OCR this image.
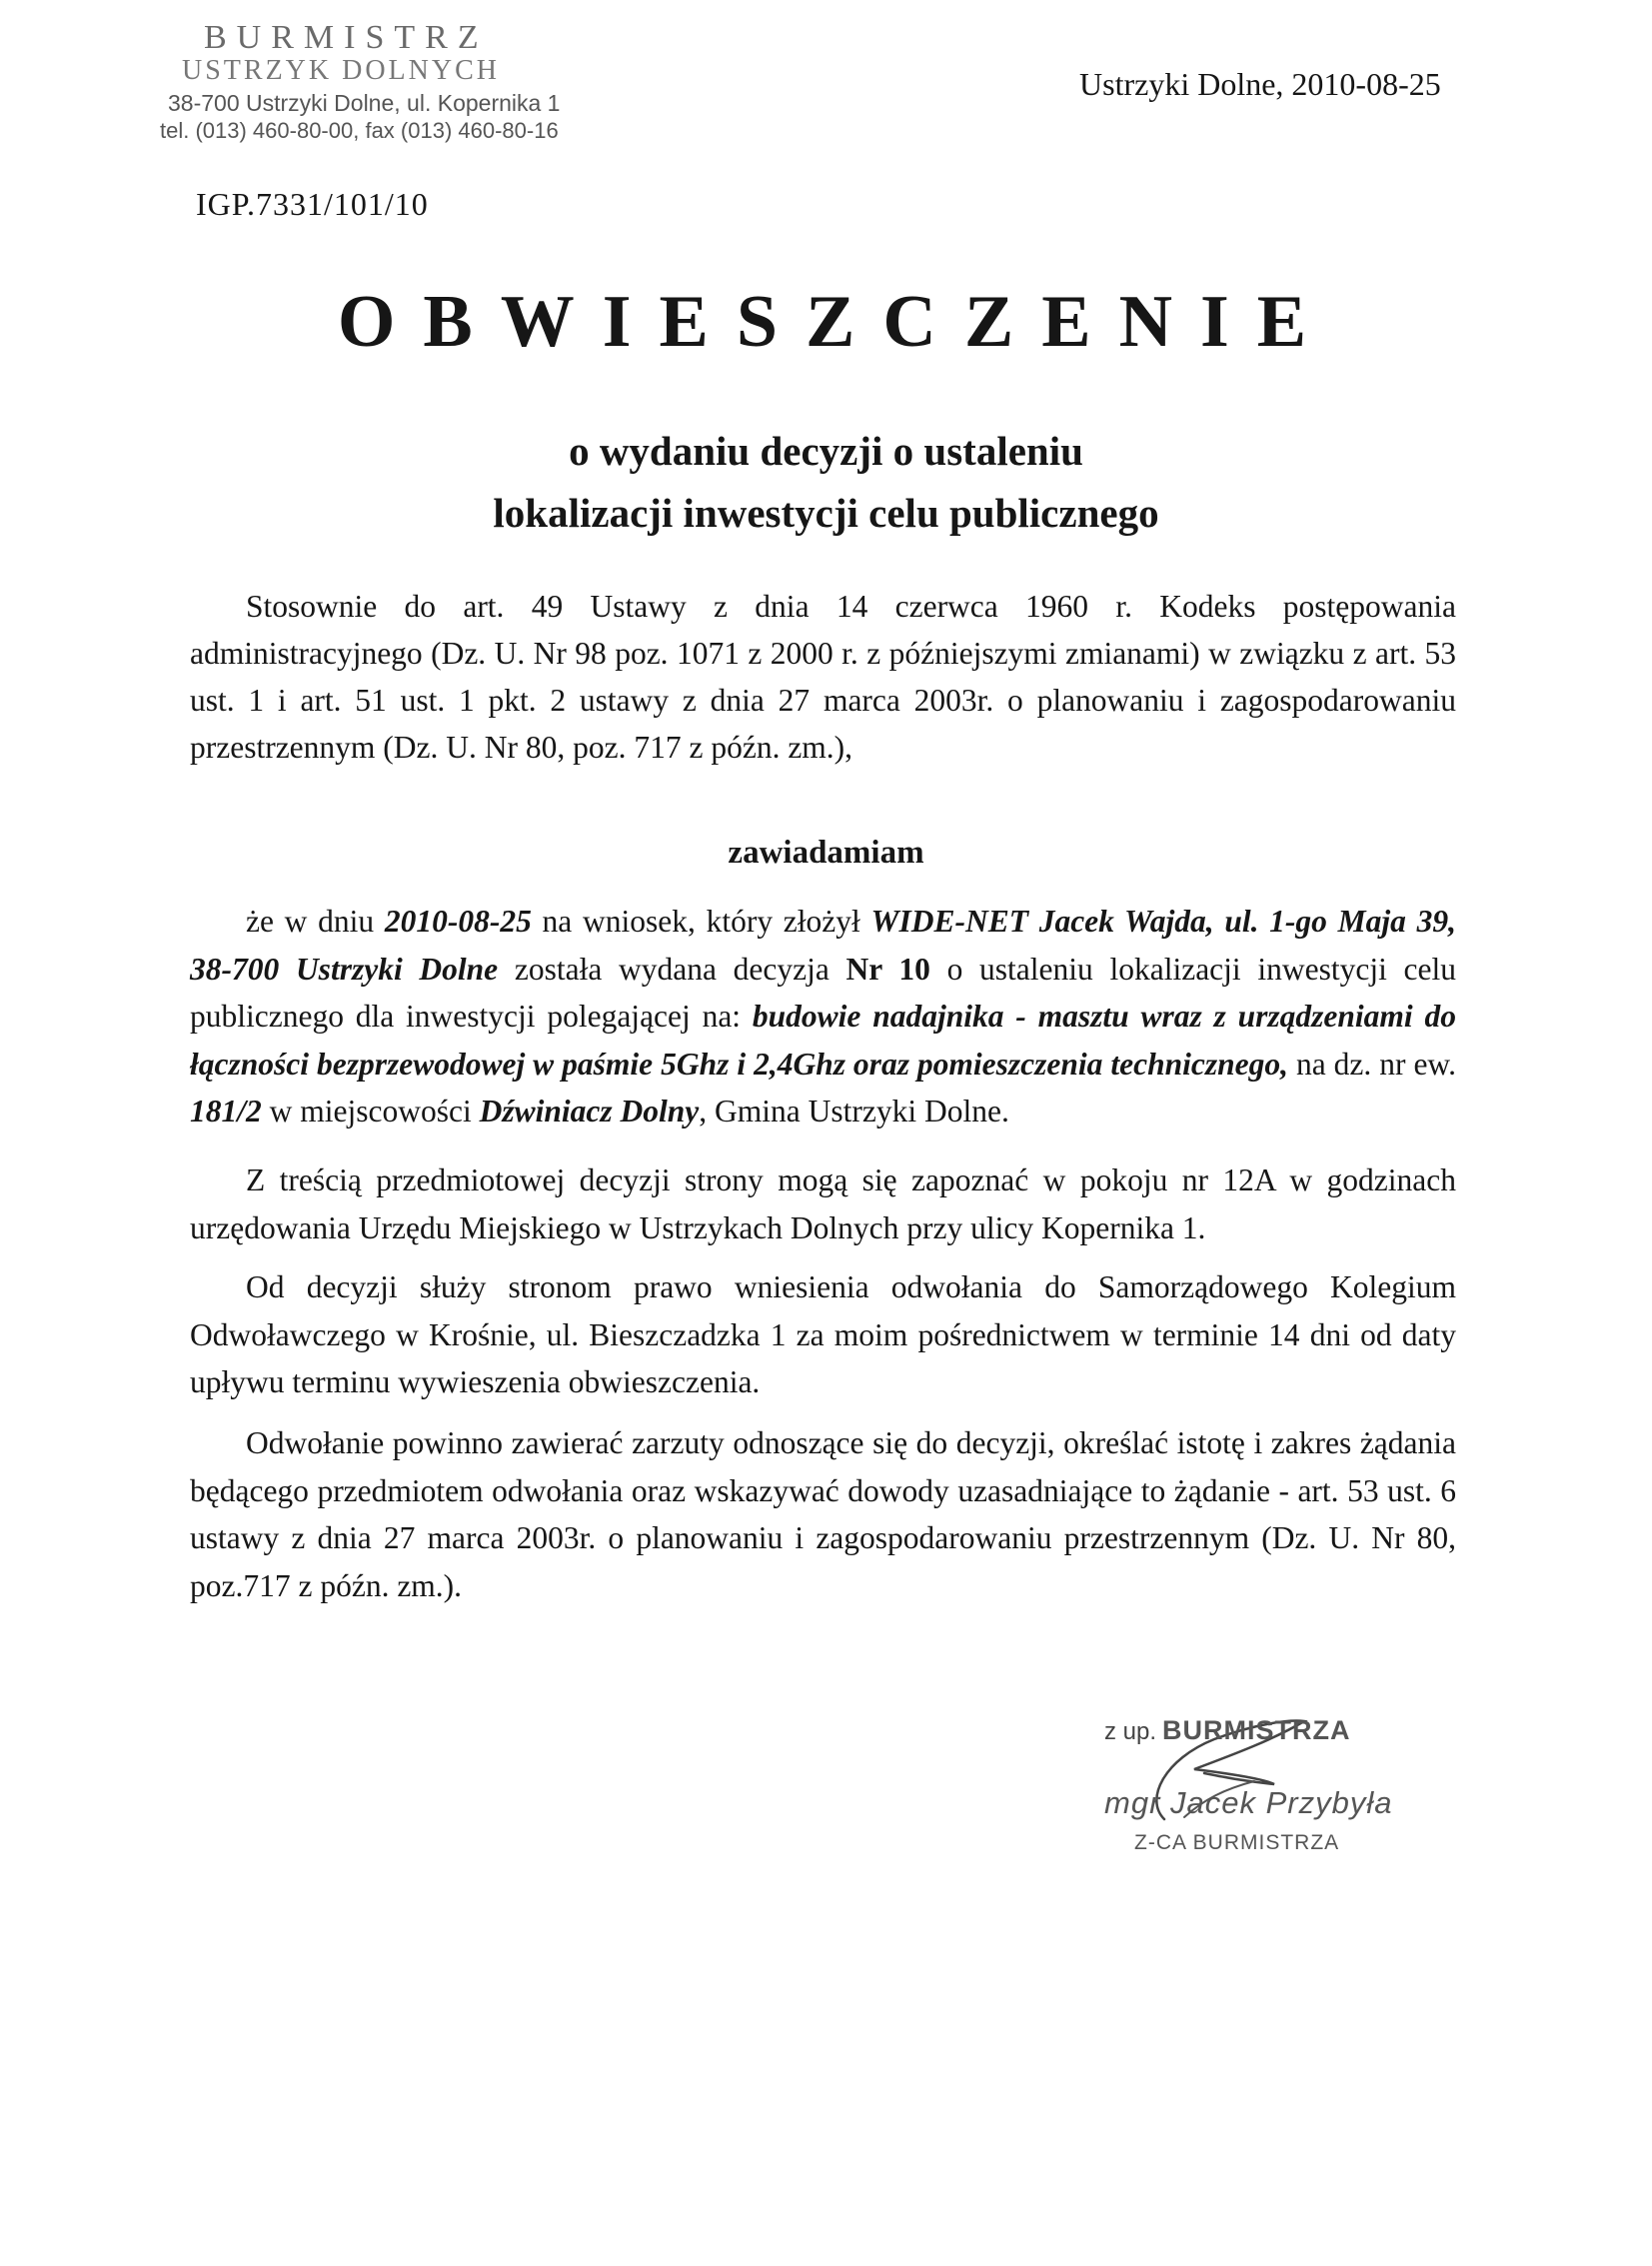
BURMISTRZ
USTRZYK DOLNYCH
38-700 Ustrzyki Dolne, ul. Kopernika 1
tel. (013) 460-80-00, fax (013) 460-80-16
Ustrzyki Dolne, 2010-08-25
IGP.7331/101/10
OBWIESZCZENIE
o wydaniu decyzji o ustaleniu
lokalizacji inwestycji celu publicznego
Stosownie do art. 49 Ustawy z dnia 14 czerwca 1960 r. Kodeks postępowania administracyjnego (Dz. U. Nr 98 poz. 1071 z 2000 r. z późniejszymi zmianami) w związku z art. 53 ust. 1 i art. 51 ust. 1 pkt. 2 ustawy z dnia 27 marca 2003r. o planowaniu i zagospodarowaniu przestrzennym (Dz. U. Nr 80, poz. 717 z późn. zm.),
zawiadamiam
że w dniu 2010-08-25 na wniosek, który złożył WIDE-NET Jacek Wajda, ul. 1-go Maja 39, 38-700 Ustrzyki Dolne została wydana decyzja Nr 10 o ustaleniu lokalizacji inwestycji celu publicznego dla inwestycji polegającej na: budowie nadajnika - masztu wraz z urządzeniami do łączności bezprzewodowej w paśmie 5Ghz i 2,4Ghz oraz pomieszczenia technicznego, na dz. nr ew. 181/2 w miejscowości Dźwiniacz Dolny, Gmina Ustrzyki Dolne.
Z treścią przedmiotowej decyzji strony mogą się zapoznać w pokoju nr 12A w godzinach urzędowania Urzędu Miejskiego w Ustrzykach Dolnych przy ulicy Kopernika 1.
Od decyzji służy stronom prawo wniesienia odwołania do Samorządowego Kolegium Odwoławczego w Krośnie, ul. Bieszczadzka 1 za moim pośrednictwem w terminie 14 dni od daty upływu terminu wywieszenia obwieszczenia.
Odwołanie powinno zawierać zarzuty odnoszące się do decyzji, określać istotę i zakres żądania będącego przedmiotem odwołania oraz wskazywać dowody uzasadniające to żądanie - art. 53 ust. 6 ustawy z dnia 27 marca 2003r. o planowaniu i zagospodarowaniu przestrzennym (Dz. U. Nr 80, poz.717 z późn. zm.).
z up. BURMISTRZA
mgr Jacek Przybyła
Z-CA BURMISTRZA
